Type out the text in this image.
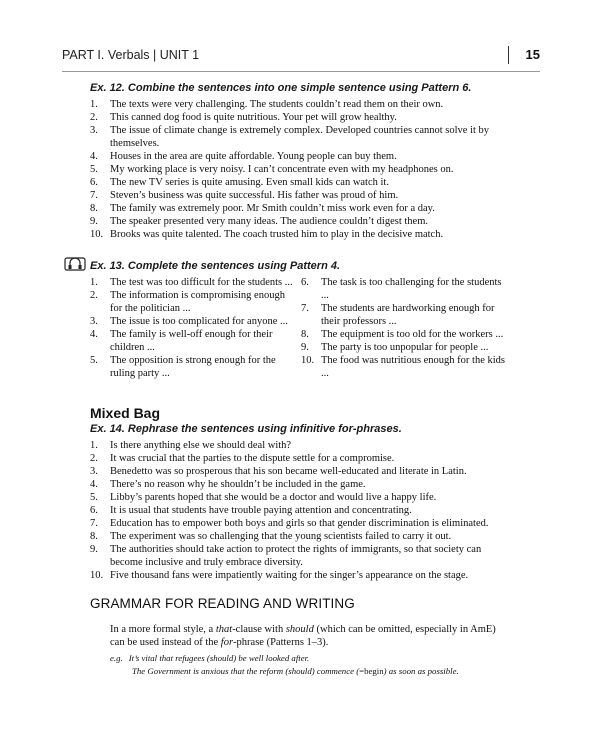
PART I. Verbals | UNIT 1	15
Ex. 12. Combine the sentences into one simple sentence using Pattern 6.
1. The texts were very challenging. The students couldn’t read them on their own.
2. This canned dog food is quite nutritious. Your pet will grow healthy.
3. The issue of climate change is extremely complex. Developed countries cannot solve it by themselves.
4. Houses in the area are quite affordable. Young people can buy them.
5. My working place is very noisy. I can’t concentrate even with my headphones on.
6. The new TV series is quite amusing. Even small kids can watch it.
7. Steven’s business was quite successful. His father was proud of him.
8. The family was extremely poor. Mr Smith couldn’t miss work even for a day.
9. The speaker presented very many ideas. The audience couldn’t digest them.
10. Brooks was quite talented. The coach trusted him to play in the decisive match.
Ex. 13. Complete the sentences using Pattern 4.
1. The test was too difficult for the students ...
2. The information is compromising enough for the politician ...
3. The issue is too complicated for anyone ...
4. The family is well-off enough for their children ...
5. The opposition is strong enough for the ruling party ...
6. The task is too challenging for the students ...
7. The students are hardworking enough for their professors ...
8. The equipment is too old for the workers ...
9. The party is too unpopular for people ...
10. The food was nutritious enough for the kids ...
Mixed Bag
Ex. 14. Rephrase the sentences using infinitive for-phrases.
1. Is there anything else we should deal with?
2. It was crucial that the parties to the dispute settle for a compromise.
3. Benedetto was so prosperous that his son became well-educated and literate in Latin.
4. There’s no reason why he shouldn’t be included in the game.
5. Libby’s parents hoped that she would be a doctor and would live a happy life.
6. It is usual that students have trouble paying attention and concentrating.
7. Education has to empower both boys and girls so that gender discrimination is eliminated.
8. The experiment was so challenging that the young scientists failed to carry it out.
9. The authorities should take action to protect the rights of immigrants, so that society can become inclusive and truly embrace diversity.
10. Five thousand fans were impatiently waiting for the singer’s appearance on the stage.
GRAMMAR FOR READING AND WRITING
In a more formal style, a that-clause with should (which can be omitted, especially in AmE) can be used instead of the for-phrase (Patterns 1–3).
e.g. It’s vital that refugees (should) be well looked after.
The Government is anxious that the reform (should) commence (=begin) as soon as possible.
